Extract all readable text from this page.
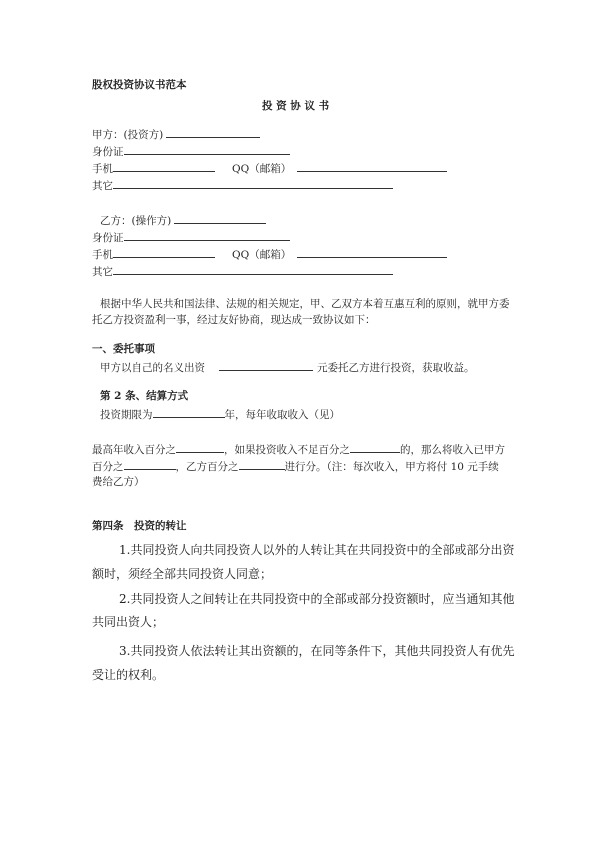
股权投资协议书范本
投 资 协 议 书
甲方：(投资方)
身份证
手机	QQ（邮箱）
其它
乙方：(操作方)
身份证
手机	QQ（邮箱）
其它
根据中华人民共和国法律、法规的相关规定，甲、乙双方本着互惠互利的原则，就甲方委
托乙方投资盈利一事，经过友好协商，现达成一致协议如下：
一、委托事项
甲方以自己的名义出资	元委托乙方进行投资，获取收益。
第 2 条、结算方式
投资期限为	年，每年收取收入（见）
最高年收入百分之	，如果投资收入不足百分之	的，那么将收入已甲方
百分之	，乙方百分之	进行分。（注：每次收入，甲方将付 10 元手续
费给乙方）
第四条　投资的转让
1.共同投资人向共同投资人以外的人转让其在共同投资中的全部或部分出资
额时，须经全部共同投资人同意；
2.共同投资人之间转让在共同投资中的全部或部分投资额时，应当通知其他
共同出资人；
3.共同投资人依法转让其出资额的，在同等条件下，其他共同投资人有优先
受让的权利。
